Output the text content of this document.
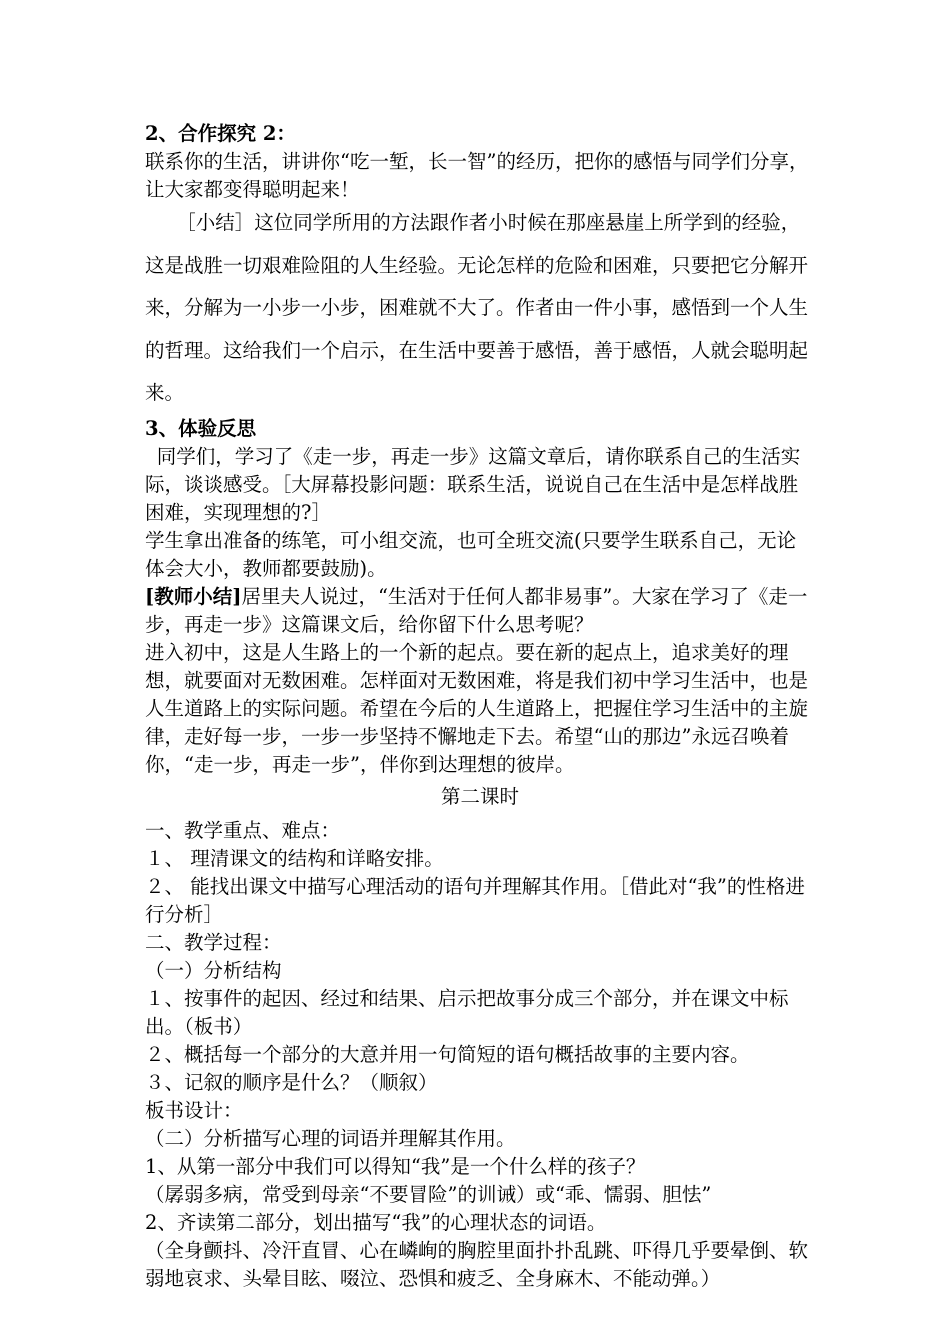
2、合作探究 2：

联系你的生活，讲讲你“吃一堑，长一智”的经历，把你的感悟与同学们分享，让大家都变得聪明起来！

［小结］这位同学所用的方法跟作者小时候在那座悬崖上所学到的经验，这是战胜一切艰难险阻的人生经验。无论怎样的危险和困难，只要把它分解开来，分解为一小步一小步，困难就不大了。作者由一件小事，感悟到一个人生的哲理。这给我们一个启示，在生活中要善于感悟，善于感悟，人就会聪明起来。

3、体验反思

同学们，学习了《走一步，再走一步》这篇文章后，请你联系自己的生活实际，谈谈感受。［大屏幕投影问题：联系生活，说说自己在生活中是怎样战胜困难，实现理想的?］

学生拿出准备的练笔，可小组交流，也可全班交流(只要学生联系自己，无论体会大小，教师都要鼓励)。

[教师小结]居里夫人说过，“生活对于任何人都非易事”。大家在学习了《走一步，再走一步》这篇课文后，给你留下什么思考呢？

进入初中，这是人生路上的一个新的起点。要在新的起点上，追求美好的理想，就要面对无数困难。怎样面对无数困难，将是我们初中学习生活中，也是人生道路上的实际问题。希望在今后的人生道路上，把握住学习生活中的主旋律，走好每一步，一步一步坚持不懈地走下去。希望“山的那边”永远召唤着你，“走一步，再走一步”，伴你到达理想的彼岸。

第二课时

一、教学重点、难点：

１、 理清课文的结构和详略安排。

２、 能找出课文中描写心理活动的语句并理解其作用。［借此对“我”的性格进行分析］

二、教学过程：

（一）分析结构

１、按事件的起因、经过和结果、启示把故事分成三个部分，并在课文中标出。（板书）

２、概括每一个部分的大意并用一句简短的语句概括故事的主要内容。

３、记叙的顺序是什么？（顺叙）

板书设计：

（二）分析描写心理的词语并理解其作用。

1、从第一部分中我们可以得知“我”是一个什么样的孩子？

（孱弱多病，常受到母亲“不要冒险”的训诫）或“乖、懦弱、胆怯”

2、齐读第二部分，划出描写“我”的心理状态的词语。

（全身颤抖、冷汗直冒、心在嶙峋的胸腔里面扑扑乱跳、吓得几乎要晕倒、软弱地哀求、头晕目眩、啜泣、恐惧和疲乏、全身麻木、不能动弹。）
